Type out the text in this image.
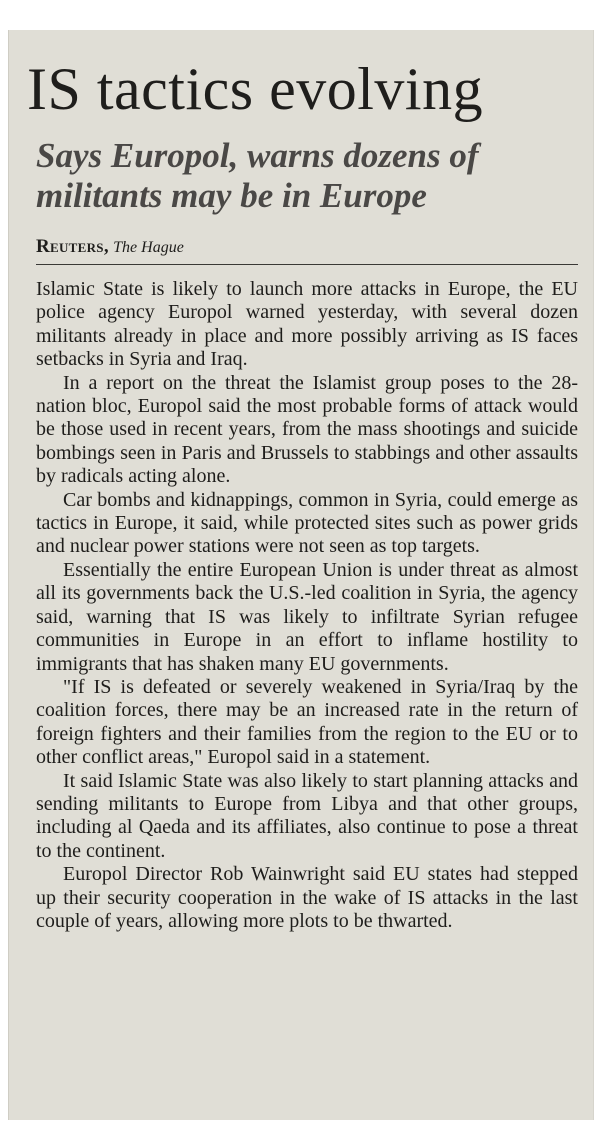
IS tactics evolving
Says Europol, warns dozens of militants may be in Europe
Reuters, The Hague

Islamic State is likely to launch more attacks in Europe, the EU police agency Europol warned yesterday, with several dozen militants already in place and more possibly arriving as IS faces setbacks in Syria and Iraq.

In a report on the threat the Islamist group poses to the 28-nation bloc, Europol said the most probable forms of attack would be those used in recent years, from the mass shootings and suicide bombings seen in Paris and Brussels to stabbings and other assaults by radicals acting alone.

Car bombs and kidnappings, common in Syria, could emerge as tactics in Europe, it said, while protected sites such as power grids and nuclear power stations were not seen as top targets.

Essentially the entire European Union is under threat as almost all its governments back the U.S.-led coalition in Syria, the agency said, warning that IS was likely to infiltrate Syrian refugee communities in Europe in an effort to inflame hostility to immigrants that has shaken many EU governments.

"If IS is defeated or severely weakened in Syria/Iraq by the coalition forces, there may be an increased rate in the return of foreign fighters and their families from the region to the EU or to other conflict areas," Europol said in a statement.

It said Islamic State was also likely to start planning attacks and sending militants to Europe from Libya and that other groups, including al Qaeda and its affiliates, also continue to pose a threat to the continent.

Europol Director Rob Wainwright said EU states had stepped up their security cooperation in the wake of IS attacks in the last couple of years, allowing more plots to be thwarted.
